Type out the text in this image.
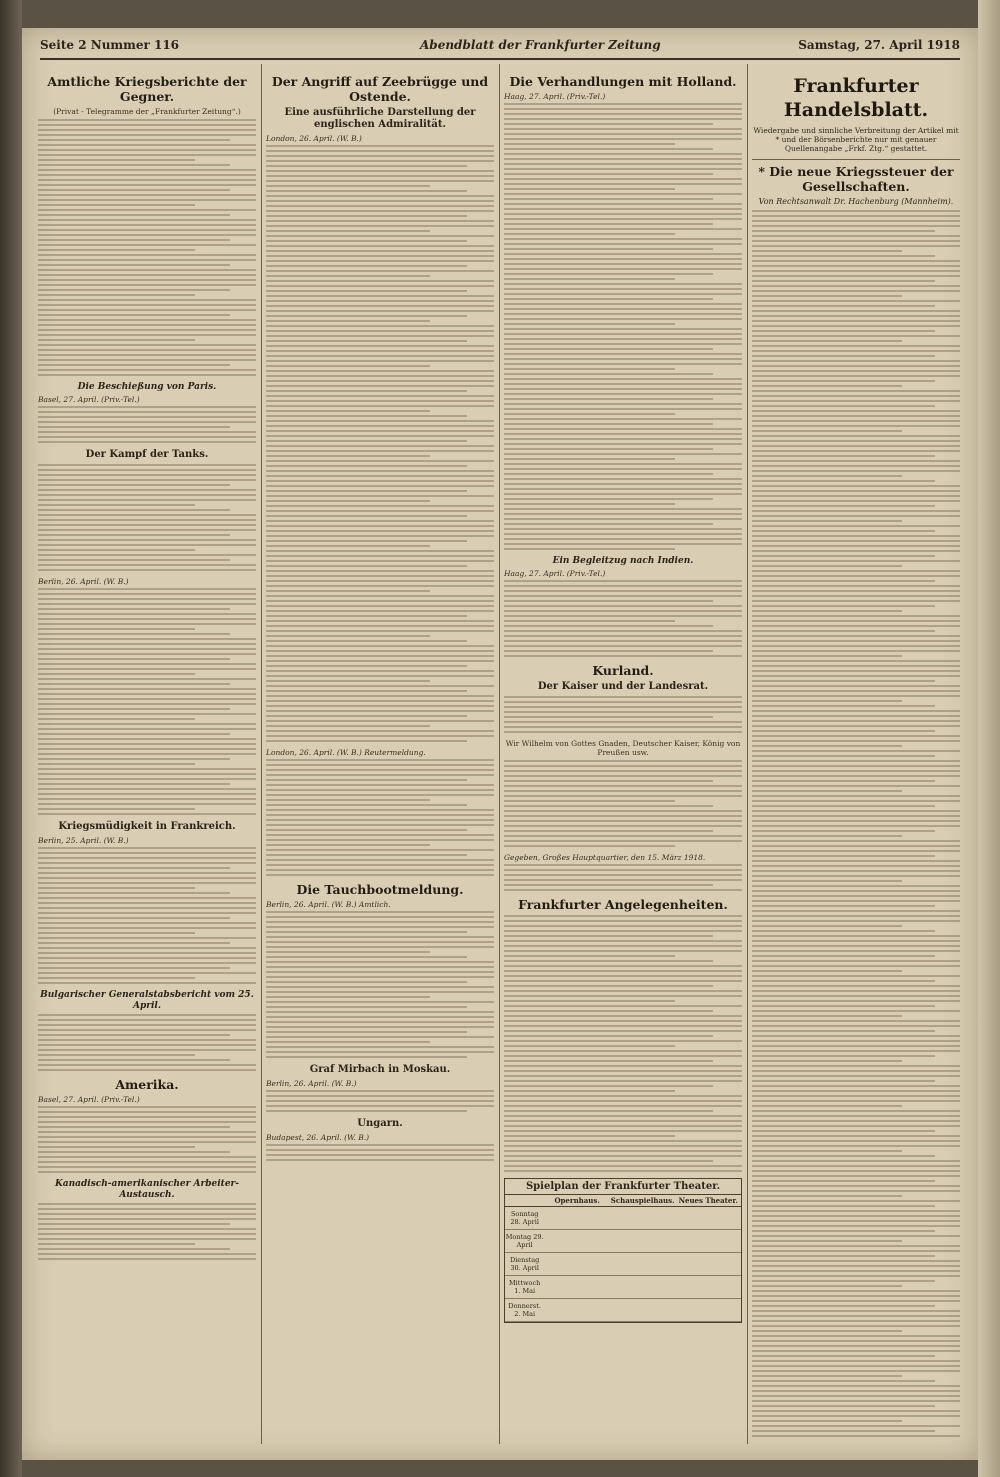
Seite 2 Nummer 116	Abendblatt der Frankfurter Zeitung	Samstag, 27. April 1918
Amtliche Kriegsberichte der Gegner.
(Privat - Telegramme der „Frankfurter Zeitung“.)
Die Beschießung von Paris.
Basel, 27. April. (Priv.-Tel.)
Der Kampf der Tanks.
Berlin, 26. April. (W. B.)
Kriegsmüdigkeit in Frankreich.
Berlin, 25. April. (W. B.)
Bulgarischer Generalstabsbericht vom 25. April.
Amerika.
Basel, 27. April. (Priv.-Tel.)
Kanadisch-amerikanischer Arbeiter-Austausch.
Der Angriff auf Zeebrügge und Ostende.
Eine ausführliche Darstellung der englischen Admiralität.
London, 26. April. (W. B.)
London, 26. April. (W. B.) Reutermeldung.
Die Tauchbootmeldung.
Berlin, 26. April. (W. B.) Amtlich.
Graf Mirbach in Moskau.
Berlin, 26. April. (W. B.)
Ungarn.
Budapest, 26. April. (W. B.)
Die Verhandlungen mit Holland.
Haag, 27. April. (Priv.-Tel.)
Ein Begleitzug nach Indien.
Haag, 27. April. (Priv.-Tel.)
Kurland.
Der Kaiser und der Landesrat.
Wir Wilhelm von Gottes Gnaden, Deutscher Kaiser, König von Preußen usw.
Gegeben, Großes Hauptquartier, den 15. März 1918.
Frankfurter Angelegenheiten.
Spielplan der Frankfurter Theater.
Opernhaus.	Schauspielhaus. Neues Theater.
Sonntag 28. April
Montag 29. April
Dienstag 30. April
Mittwoch 1. Mai
Donnerst. 2. Mai
Frankfurter Handelsblatt.
Wiedergabe und sinnliche Verbreitung der Artikel mit * und der Börsenberichte nur mit genauer Quellenangabe „Frkf. Ztg.“ gestattet.
* Die neue Kriegssteuer der Gesellschaften.
Von Rechtsanwalt Dr. Hachenburg (Mannheim).
